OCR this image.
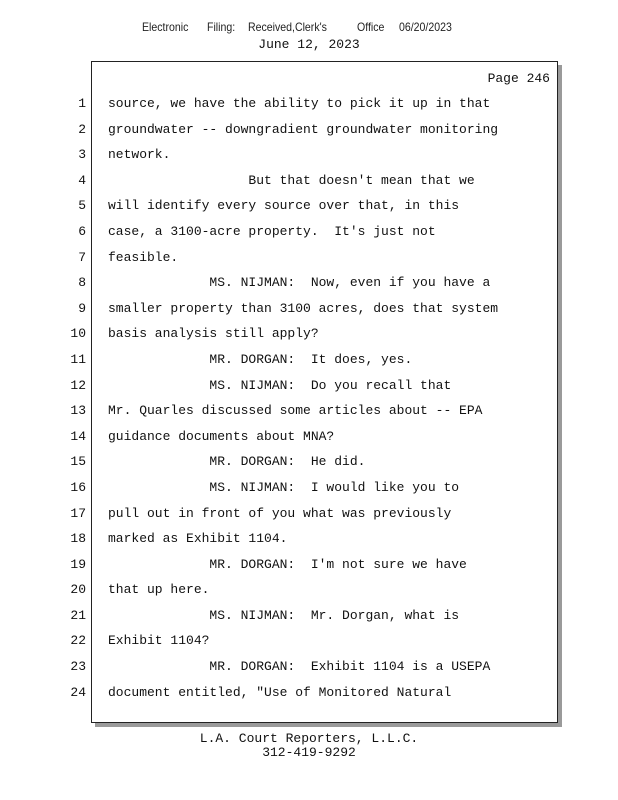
Electronic Filing: Received,Clerk's	Office 06/20/2023
June 12, 2023
1
2
3
4
5
6
7
8
9
10
11
12
13
14
15
16
17
18
19
20
21
22
23
24
Page 246
source, we have the ability to pick it up in that
groundwater -- downgradient groundwater monitoring
network.
But that doesn't mean that we
will identify every source over that, in this
case, a 3100-acre property.  It's just not
feasible.
MS. NIJMAN:  Now, even if you have a
smaller property than 3100 acres, does that system
basis analysis still apply?
MR. DORGAN:  It does, yes.
MS. NIJMAN:  Do you recall that
Mr. Quarles discussed some articles about -- EPA
guidance documents about MNA?
MR. DORGAN:  He did.
MS. NIJMAN:  I would like you to
pull out in front of you what was previously
marked as Exhibit 1104.
MR. DORGAN:  I'm not sure we have
that up here.
MS. NIJMAN:  Mr. Dorgan, what is
Exhibit 1104?
MR. DORGAN:  Exhibit 1104 is a USEPA
document entitled, "Use of Monitored Natural
L.A. Court Reporters, L.L.C.
312-419-9292
